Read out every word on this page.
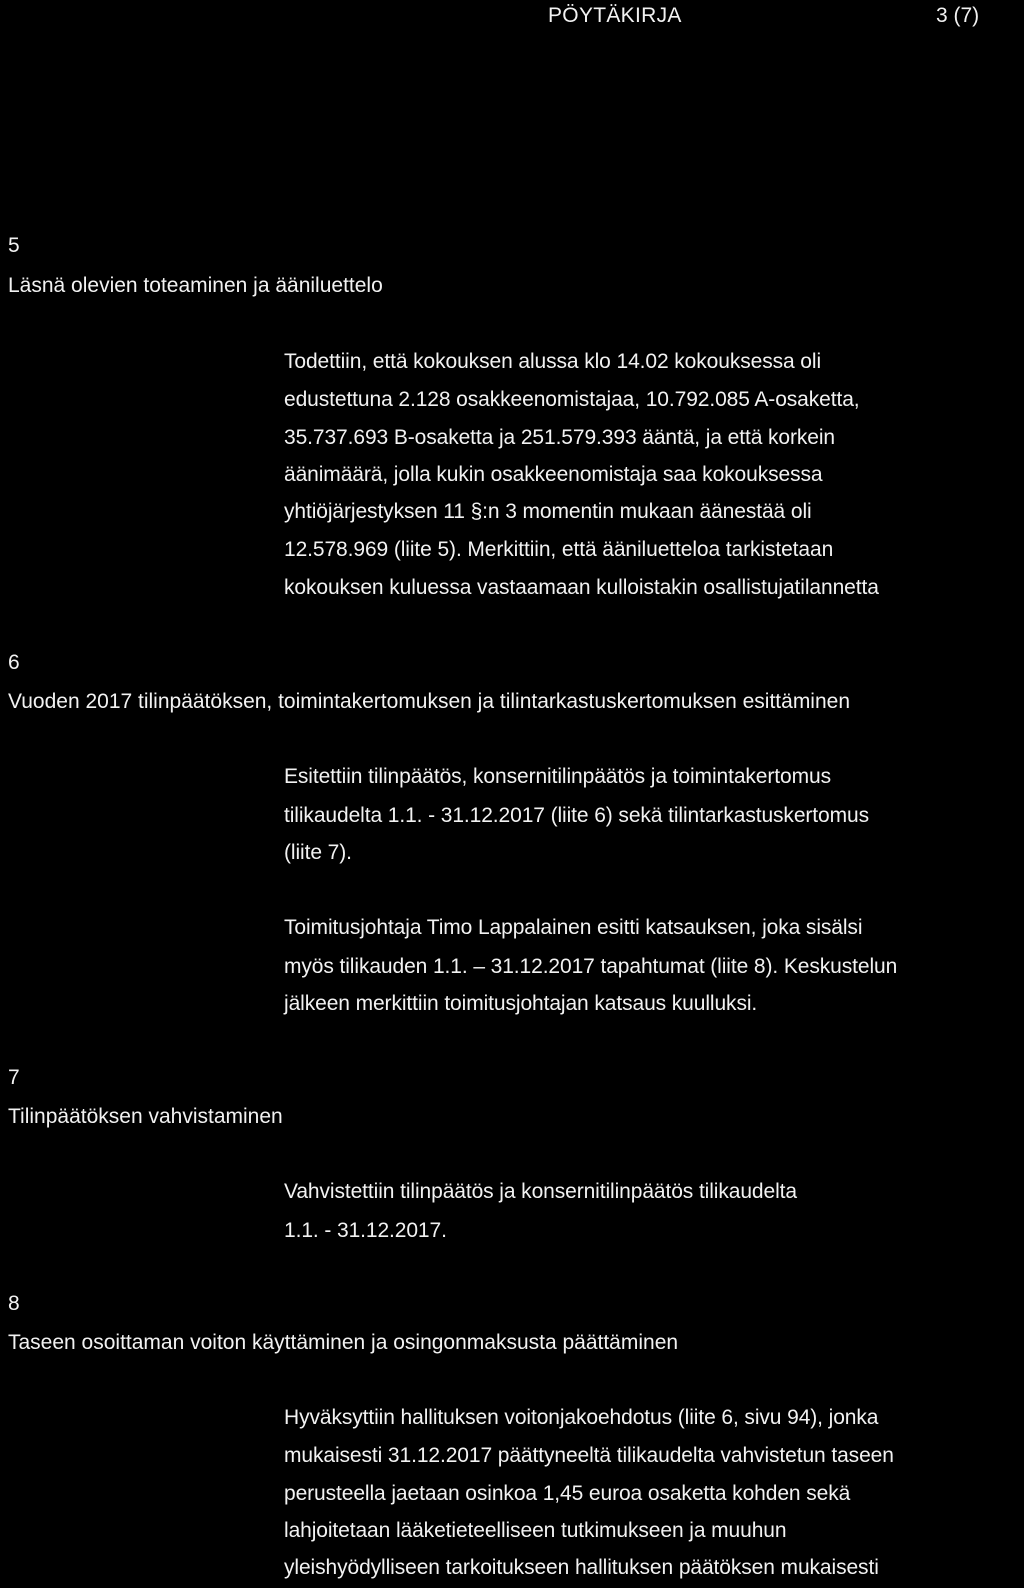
PÖYTÄKIRJA	3 (7)
5
Läsnä olevien toteaminen ja ääniluettelo
Todettiin, että kokouksen alussa klo 14.02 kokouksessa oli
edustettuna 2.128 osakkeenomistajaa, 10.792.085 A-osaketta,
35.737.693 B-osaketta ja 251.579.393 ääntä, ja että korkein
äänimäärä, jolla kukin osakkeenomistaja saa kokouksessa
yhtiöjärjestyksen 11 §:n 3 momentin mukaan äänestää oli
12.578.969 (liite 5). Merkittiin, että ääniluetteloa tarkistetaan
kokouksen kuluessa vastaamaan kulloistakin osallistujatilannetta
6
Vuoden 2017 tilinpäätöksen, toimintakertomuksen ja tilintarkastuskertomuksen esittäminen
Esitettiin tilinpäätös, konsernitilinpäätös ja toimintakertomus
tilikaudelta 1.1. - 31.12.2017 (liite 6) sekä tilintarkastuskertomus
(liite 7).
Toimitusjohtaja Timo Lappalainen esitti katsauksen, joka sisälsi
myös tilikauden 1.1. – 31.12.2017 tapahtumat (liite 8). Keskustelun
jälkeen merkittiin toimitusjohtajan katsaus kuulluksi.
7
Tilinpäätöksen vahvistaminen
Vahvistettiin tilinpäätös ja konsernitilinpäätös tilikaudelta
1.1. - 31.12.2017.
8
Taseen osoittaman voiton käyttäminen ja osingonmaksusta päättäminen
Hyväksyttiin hallituksen voitonjakoehdotus (liite 6, sivu 94), jonka
mukaisesti 31.12.2017 päättyneeltä tilikaudelta vahvistetun taseen
perusteella jaetaan osinkoa 1,45 euroa osaketta kohden sekä
lahjoitetaan lääketieteelliseen tutkimukseen ja muuhun
yleishyödylliseen tarkoitukseen hallituksen päätöksen mukaisesti
